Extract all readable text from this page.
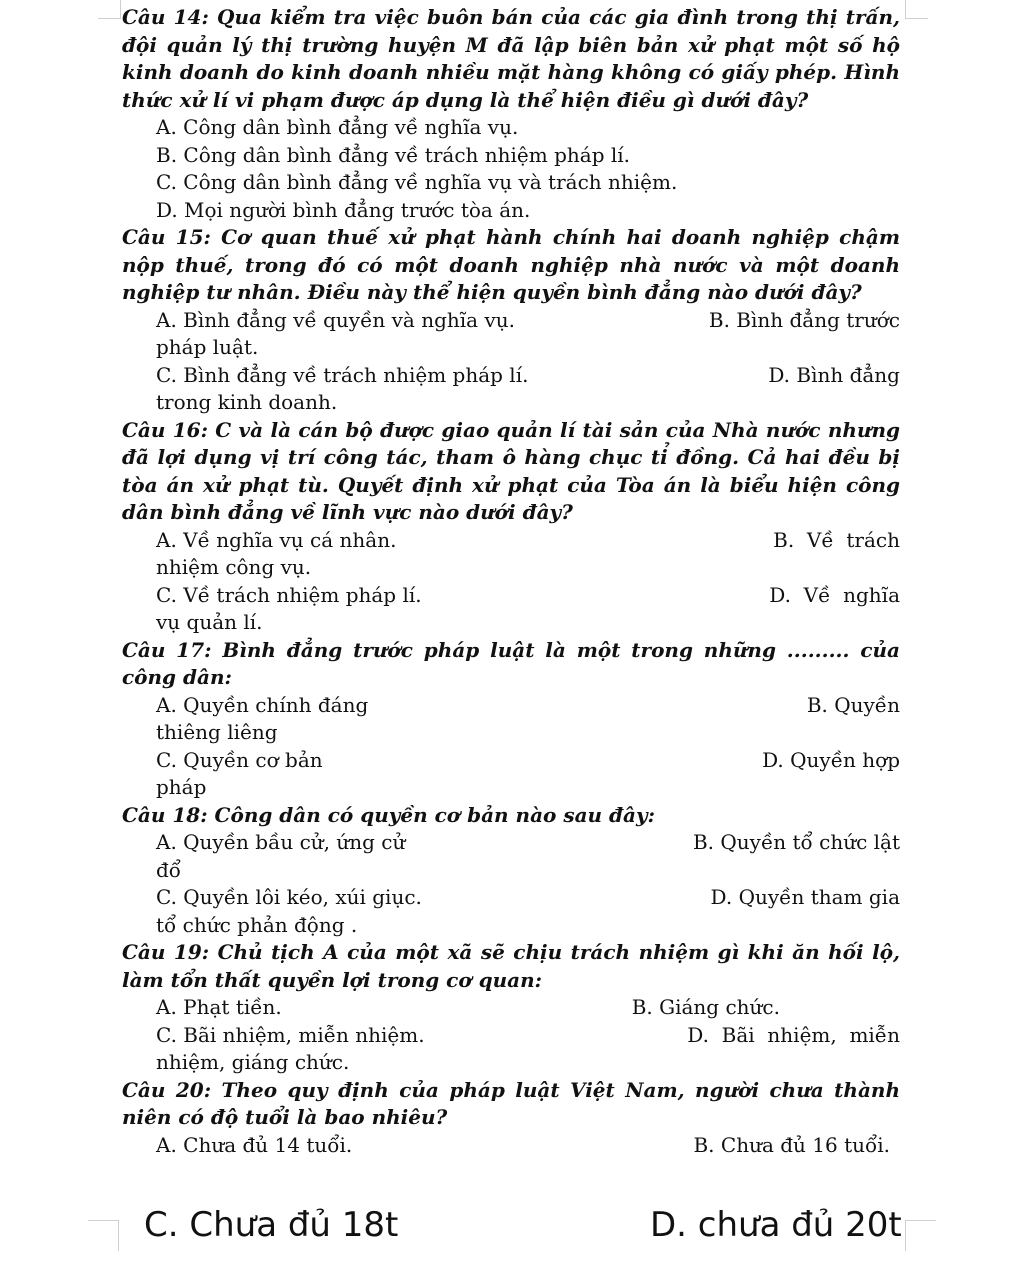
Câu 14: Qua kiểm tra việc buôn bán của các gia đình trong thị trấn, đội quản lý thị trường huyện M đã lập biên bản xử phạt một số hộ kinh doanh do kinh doanh nhiều mặt hàng không có giấy phép. Hình thức xử lí vi phạm được áp dụng là thể hiện điều gì dưới đây?
A. Công dân bình đẳng về nghĩa vụ.
B. Công dân bình đẳng về trách nhiệm pháp lí.
C. Công dân bình đẳng về nghĩa vụ và trách nhiệm.
D. Mọi người bình đẳng trước tòa án.
Câu 15: Cơ quan thuế xử phạt hành chính hai doanh nghiệp chậm nộp thuế, trong đó có một doanh nghiệp nhà nước và một doanh nghiệp tư nhân. Điều này thể hiện quyền bình đẳng nào dưới đây?
A. Bình đẳng về quyền và nghĩa vụ.	B. Bình đẳng trước
pháp luật.
C. Bình đẳng về trách nhiệm pháp lí.	D. Bình đẳng
trong kinh doanh.
Câu 16: C và là cán bộ được giao quản lí tài sản của Nhà nước nhưng đã lợi dụng vị trí công tác, tham ô hàng chục tỉ đồng. Cả hai đều bị tòa án xử phạt tù. Quyết định xử phạt của Tòa án là biểu hiện công dân bình đẳng về lĩnh vực nào dưới đây?
A. Về nghĩa vụ cá nhân.	B.  Về  trách
nhiệm công vụ.
C. Về trách nhiệm pháp lí.	D.  Về  nghĩa
vụ quản lí.
Câu 17: Bình đẳng trước pháp luật là một trong những ......... của công dân:
A. Quyền chính đáng	B. Quyền
thiêng liêng
C. Quyền cơ bản	D. Quyền hợp
pháp
Câu 18: Công dân có quyền cơ bản nào sau đây:
A. Quyền bầu cử, ứng cử	B. Quyền tổ chức lật
đổ
C. Quyền lôi kéo, xúi giục.	D. Quyền tham gia
tổ chức phản động .
Câu 19: Chủ tịch A của một xã sẽ chịu trách nhiệm gì khi ăn hối lộ, làm tổn thất quyền lợi trong cơ quan:
A. Phạt tiền.	B. Giáng chức.
C. Bãi nhiệm, miễn nhiệm.	D.  Bãi  nhiệm,  miễn
nhiệm, giáng chức.
Câu 20: Theo quy định của pháp luật Việt Nam, người chưa thành niên có độ tuổi là bao nhiêu?
A. Chưa đủ 14 tuổi.	B. Chưa đủ 16 tuổi.
C. Chưa đủ 18t	D. chưa đủ 20t
